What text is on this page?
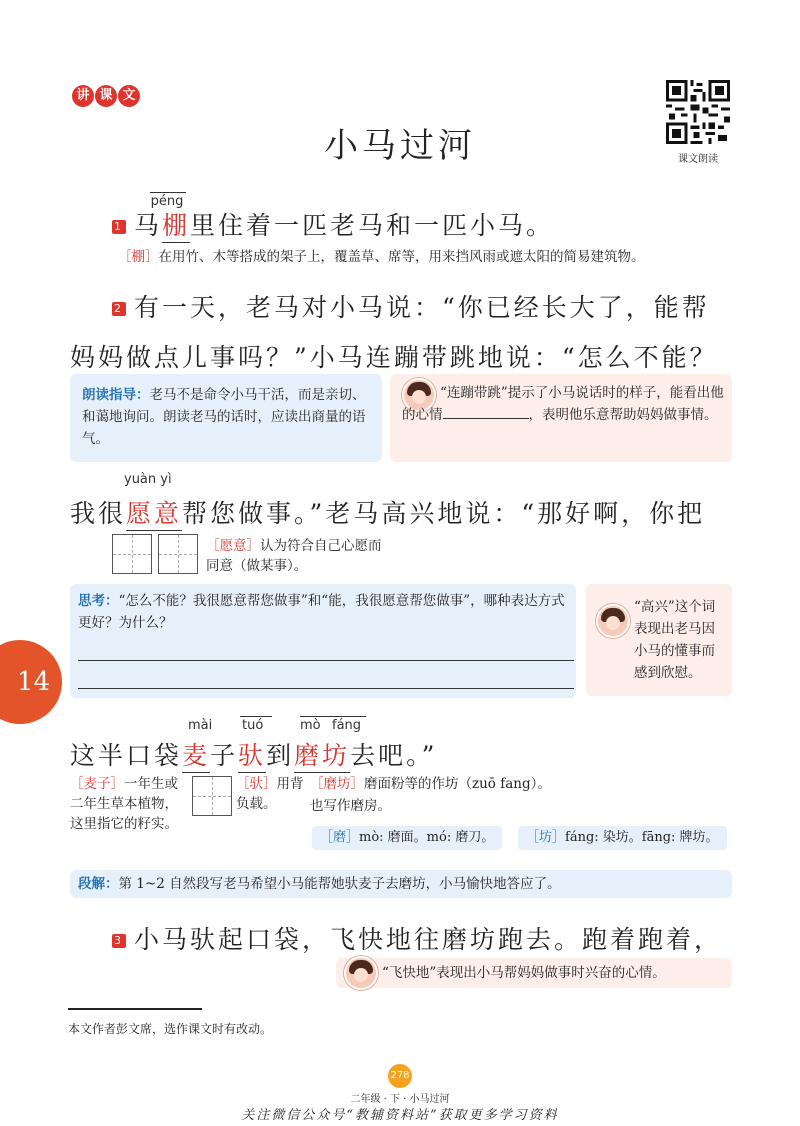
讲 课 文
小马过河	课文朗读
péng
1 马棚里住着一匹老马和一匹小马。
［棚］在用竹、木等搭成的架子上，覆盖草、席等，用来挡风雨或遮太阳的简易建筑物。
2 有一天，老马对小马说：“你已经长大了，能帮
妈妈做点儿事吗？”小马连蹦带跳地说：“怎么不能？
朗读指导：老马不是命令小马干活，而是亲切、和蔼地询问。朗读老马的话时，应读出商量的语气。
“连蹦带跳”提示了小马说话时的样子，能看出他的心情	，表明他乐意帮助妈妈做事情。
yuàn yì
我很愿意帮您做事。”老马高兴地说：“那好啊，你把
［愿意］认为符合自己心愿而同意（做某事）。
思考：“怎么不能？我很愿意帮您做事”和“能，我很愿意帮您做事”，哪种表达方式更好？为什么？
“高兴”这个词表现出老马因小马的懂事而感到欣慰。
14
mài tuó	mò fáng
这半口袋麦子驮到磨坊去吧。”
［麦子］一年生或二年生草本植物，这里指它的籽实。
［驮］用背负载。
［磨坊］磨面粉等的作坊（zuō fang）。
也写作磨房。
［磨］mò: 磨面。mó: 磨刀。	［坊］fáng: 染坊。fāng: 牌坊。
段解：第 1~2 自然段写老马希望小马能帮她驮麦子去磨坊，小马愉快地答应了。
3 小马驮起口袋，飞快地往磨坊跑去。跑着跑着，
“飞快地”表现出小马帮妈妈做事时兴奋的心情。
本文作者彭文席，选作课文时有改动。
278
二年级 · 下 · 小马过河
关注微信公众号“教辅资料站”获取更多学习资料
